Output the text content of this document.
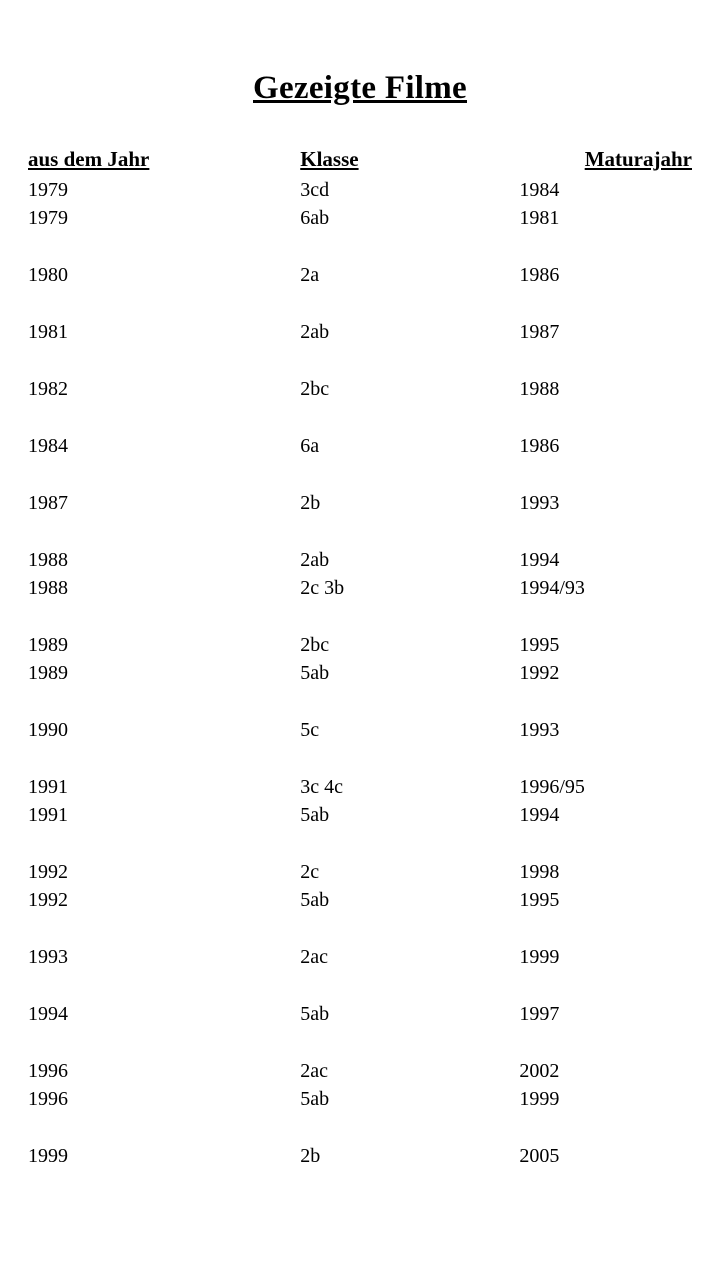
Gezeigte Filme
aus dem Jahr	Klasse	Maturajahr
1979	3cd	1984
1979	6ab	1981

1980	2a	1986

1981	2ab	1987

1982	2bc	1988

1984	6a	1986

1987	2b	1993

1988	2ab	1994
1988	2c 3b	1994/93

1989	2bc	1995
1989	5ab	1992

1990	5c	1993

1991	3c 4c	1996/95
1991	5ab	1994

1992	2c	1998
1992	5ab	1995

1993	2ac	1999

1994	5ab	1997

1996	2ac	2002
1996	5ab	1999

1999	2b	2005
